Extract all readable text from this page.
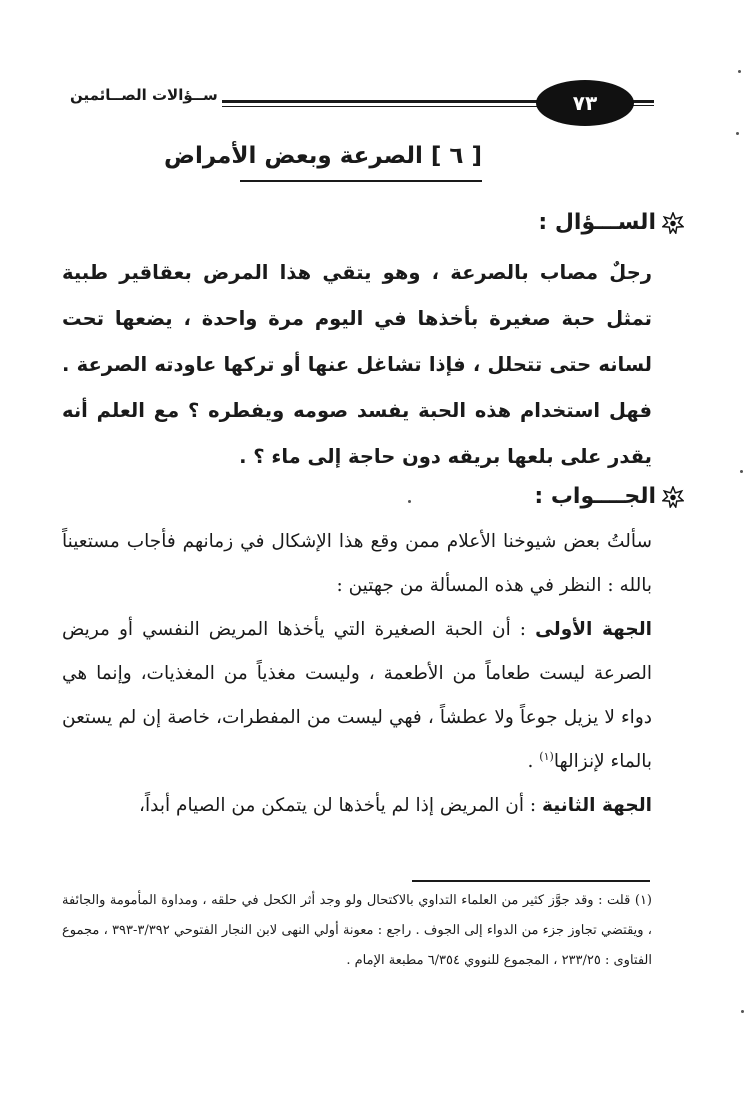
٧٣
ســؤالات الصــائمين
[ ٦ ] الصرعة وبعض الأمراض
الســـؤال :

رجلٌ مصاب بالصرعة ، وهو يتقي هذا المرض بعقاقير طبية تمثل حبة صغيرة بأخذها في اليوم مرة واحدة ، يضعها تحت لسانه حتى تتحلل ، فإذا تشاغل عنها أو تركها عاودته الصرعة . فهل استخدام هذه الحبة يفسد صومه ويفطره ؟ مع العلم أنه يقدر على بلعها بريقه دون حاجة إلى ماء ؟ .

الجــــواب :

سألتُ بعض شيوخنا الأعلام ممن وقع هذا الإشكال في زمانهم فأجاب مستعيناً بالله : النظر في هذه المسألة من جهتين :

الجهة الأولى : أن الحبة الصغيرة التي يأخذها المريض النفسي أو مريض الصرعة ليست طعاماً من الأطعمة ، وليست مغذياً من المغذيات، وإنما هي دواء لا يزيل جوعاً ولا عطشاً ، فهي ليست من المفطرات، خاصة إن لم يستعن بالماء لإنزالها$^{(١)}$ .

الجهة الثانية : أن المريض إذا لم يأخذها لن يتمكن من الصيام أبداً،

(١) قلت : وقد جوَّز كثير من العلماء التداوي بالاكتحال ولو وجد أثر الكحل في حلقه ، ومداوة المأمومة والجائفة ، ويقتضي تجاوز جزء من الدواء إلى الجوف . راجع : معونة أولي النهى لابن النجار الفتوحي ٣/٣٩٢-٣٩٣ ، مجموع الفتاوى : ٢٣٣/٢٥ ، المجموع للنووي ٦/٣٥٤ مطبعة الإمام .
